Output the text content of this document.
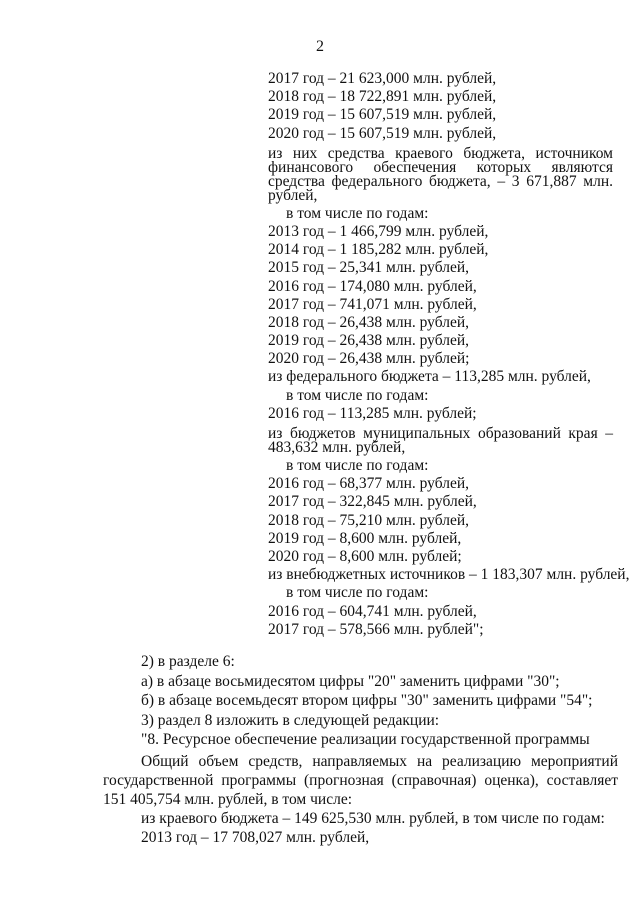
2
2017 год – 21 623,000 млн. рублей,
2018 год – 18 722,891 млн. рублей,
2019 год – 15 607,519 млн. рублей,
2020 год – 15 607,519 млн. рублей,
из них средства краевого бюджета, источником финансового обеспечения которых являются средства федерального бюджета, – 3 671,887 млн. рублей,
в том числе по годам:
2013 год – 1 466,799 млн. рублей,
2014 год – 1 185,282 млн. рублей,
2015 год – 25,341 млн. рублей,
2016 год – 174,080 млн. рублей,
2017 год – 741,071 млн. рублей,
2018 год – 26,438 млн. рублей,
2019 год – 26,438 млн. рублей,
2020 год – 26,438 млн. рублей;
из федерального бюджета – 113,285 млн. рублей,
в том числе по годам:
2016 год – 113,285 млн. рублей;
из бюджетов муниципальных образований края – 483,632 млн. рублей,
в том числе по годам:
2016 год – 68,377 млн. рублей,
2017 год – 322,845 млн. рублей,
2018 год – 75,210 млн. рублей,
2019 год – 8,600 млн. рублей,
2020 год – 8,600 млн. рублей;
из внебюджетных источников – 1 183,307 млн. рублей,
в том числе по годам:
2016 год – 604,741 млн. рублей,
2017 год – 578,566 млн. рублей";
2) в разделе 6:
а) в абзаце восьмидесятом цифры "20" заменить цифрами "30";
б) в абзаце восемьдесят втором цифры "30" заменить цифрами "54";
3) раздел 8 изложить в следующей редакции:
"8. Ресурсное обеспечение реализации государственной программы
Общий объем средств, направляемых на реализацию мероприятий государственной программы (прогнозная (справочная) оценка), составляет 151 405,754 млн. рублей, в том числе:
из краевого бюджета – 149 625,530 млн. рублей, в том числе по годам:
2013 год – 17 708,027 млн. рублей,
